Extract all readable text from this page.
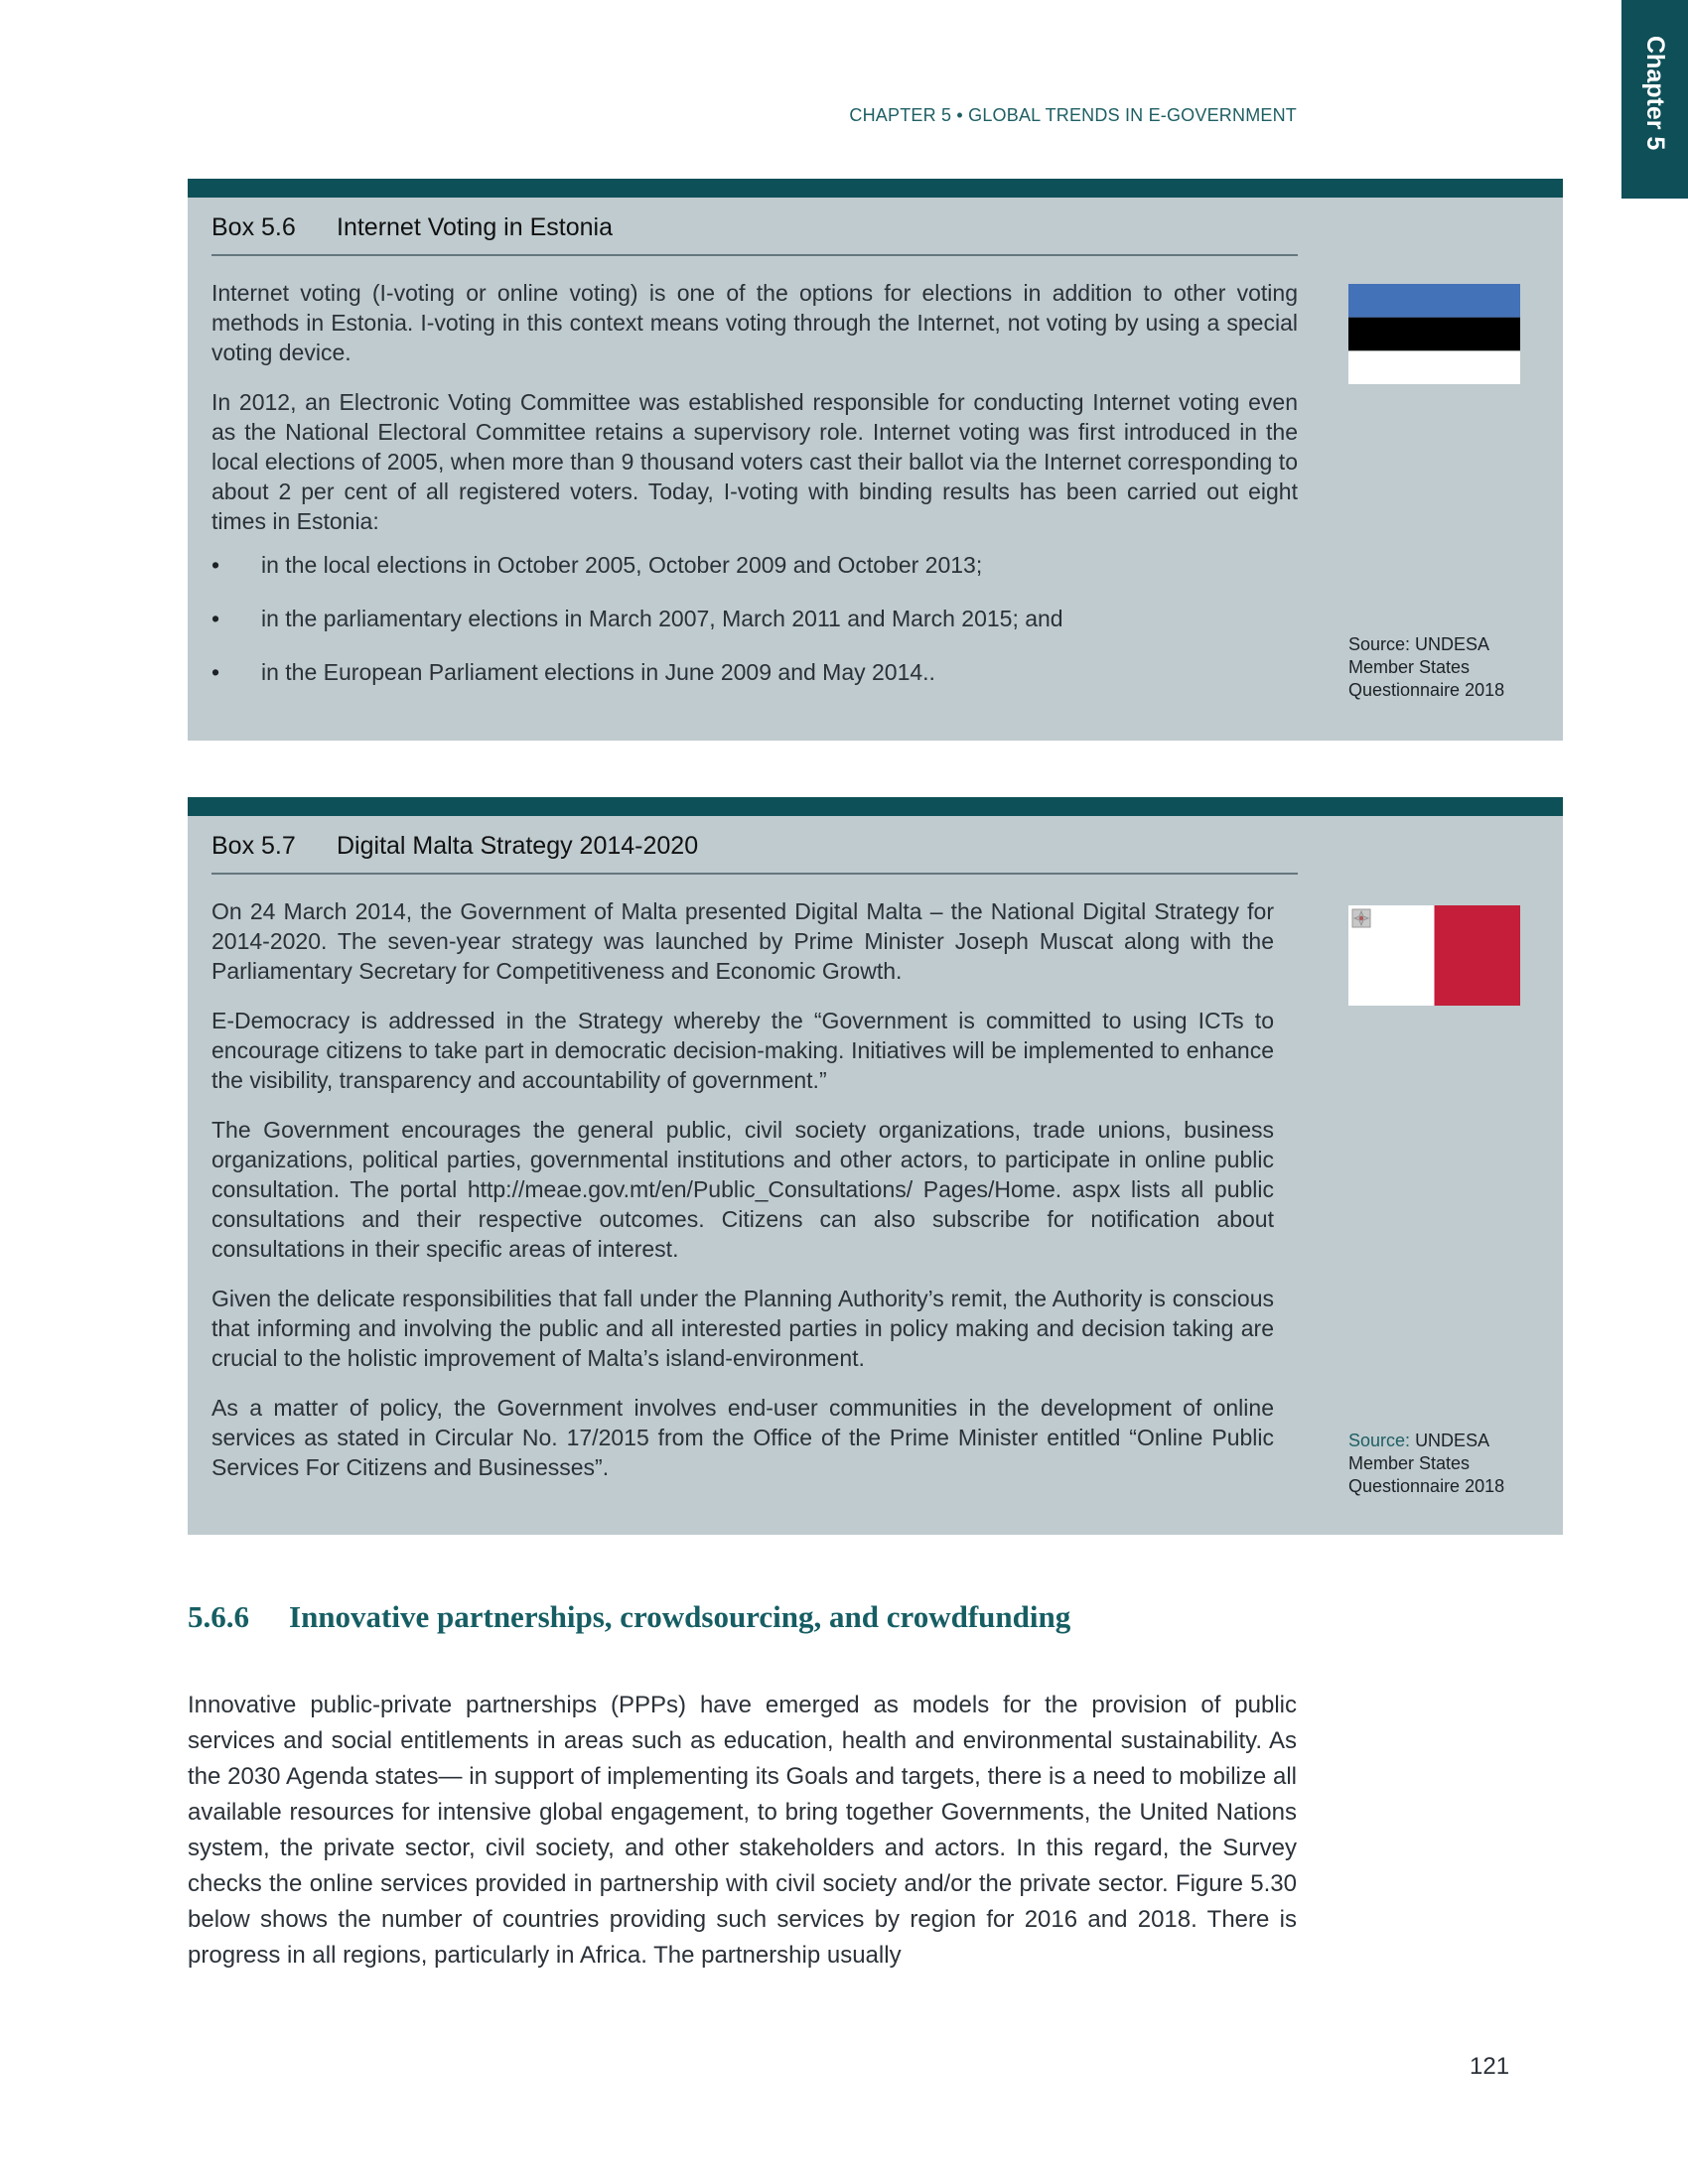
CHAPTER 5 • GLOBAL TRENDS IN E-GOVERNMENT	Chapter 5
Box 5.6 Internet Voting in Estonia

Internet voting (I-voting or online voting) is one of the options for elections in addition to other voting methods in Estonia. I-voting in this context means voting through the Internet, not voting by using a special voting device.

In 2012, an Electronic Voting Committee was established responsible for conducting Internet voting even as the National Electoral Committee retains a supervisory role. Internet voting was first introduced in the local elections of 2005, when more than 9 thousand voters cast their ballot via the Internet corresponding to about 2 per cent of all registered voters. Today, I-voting with binding results has been carried out eight times in Estonia:

• in the local elections in October 2005, October 2009 and October 2013;
• in the parliamentary elections in March 2007, March 2011 and March 2015; and
• in the European Parliament elections in June 2009 and May 2014..
Source: UNDESA
Member States
Questionnaire 2018
Box 5.7 Digital Malta Strategy 2014-2020

On 24 March 2014, the Government of Malta presented Digital Malta – the National Digital Strategy for 2014-2020. The seven-year strategy was launched by Prime Minister Joseph Muscat along with the Parliamentary Secretary for Competitiveness and Economic Growth.

E-Democracy is addressed in the Strategy whereby the “Government is committed to using ICTs to encourage citizens to take part in democratic decision-making. Initiatives will be implemented to enhance the visibility, transparency and accountability of government.”

The Government encourages the general public, civil society organizations, trade unions, business organizations, political parties, governmental institutions and other actors, to participate in online public consultation. The portal http://meae.gov.mt/en/Public_Consultations/ Pages/Home. aspx lists all public consultations and their respective outcomes. Citizens can also subscribe for notification about consultations in their specific areas of interest.

Given the delicate responsibilities that fall under the Planning Authority’s remit, the Authority is conscious that informing and involving the public and all interested parties in policy making and decision taking are crucial to the holistic improvement of Malta’s island-environment.

As a matter of policy, the Government involves end-user communities in the development of online services as stated in Circular No. 17/2015 from the Office of the Prime Minister entitled “Online Public Services For Citizens and Businesses”.

Source: UNDESA
Member States
Questionnaire 2018
5.6.6 Innovative partnerships, crowdsourcing, and crowdfunding

Innovative public-private partnerships (PPPs) have emerged as models for the provision of public services and social entitlements in areas such as education, health and environmental sustainability. As the 2030 Agenda states— in support of implementing its Goals and targets, there is a need to mobilize all available resources for intensive global engagement, to bring together Governments, the United Nations system, the private sector, civil society, and other stakeholders and actors. In this regard, the Survey checks the online services provided in partnership with civil society and/or the private sector. Figure 5.30 below shows the number of countries providing such services by region for 2016 and 2018. There is progress in all regions, particularly in Africa. The partnership usually

121
